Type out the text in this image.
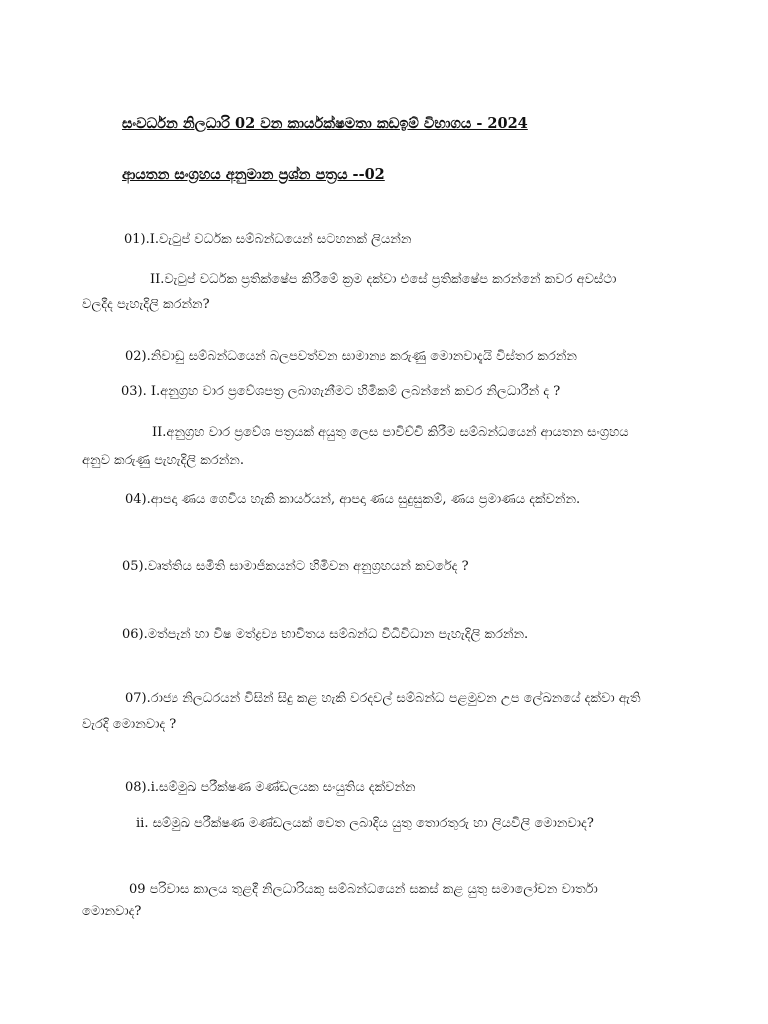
සංවර්ධන නිලධාරි 02 වන කාර්යක්ෂමතා කඩඉම් විභාගය - 2024

ආයතන සංග්‍රහය අනුමාන ප්‍රශ්න පත්‍රය --02

01).I.වැටුප් වර්ධක සම්බන්ධයෙන් සටහනක් ලියන්න

II.වැටුප් වර්ධක ප්‍රතික්ෂේප කිරීමේ ක්‍රම දක්වා එසේ ප්‍රතික්ෂේප කරන්නේ කවර අවස්ථා

වලදීද පැහැදිලි කරන්න?

02).නිවාඩු සම්බන්ධයෙන් බලපවත්වන සාමාන්‍ය කරුණු මොනවාදැයි විස්තර කරන්න

03). I.අනුග්‍රහ වාර ප්‍රවේශපත්‍ර ලබාගැනීමට හිමිකම් ලබන්නේ කවර නිලධාරීන් ද ?

II.අනුග්‍රහ වාර ප්‍රවේශ පත්‍රයක් අයුතු ලෙස පාවිච්චි කිරීම සම්බන්ධයෙන් ආයතන සංග්‍රහය

අනුව කරුණු පැහැදිලි කරන්න.

04).ආපදා ණය ගෙවිය හැකි කාර්යයන්, ආපදා ණය සුදුසුකම්, ණය ප්‍රමාණය දක්වන්න.

05).වෘත්තිය සමිති සාමාජිකයන්ට හිමිවන අනුග්‍රහයන් කවරේද ?

06).මත්පැන් හා විෂ මත්ද්‍රව්‍ය භාවිතය සම්බන්ධ විධිවිධාන පැහැදිලි කරන්න.

07).රාජ්‍ය නිලධරයන් විසින් සිදු කළ හැකි වරදවල් සම්බන්ධ පළමුවන උප ලේඛනයේ දක්වා ඇති

වැරදි මොනවාද ?

08).i.සම්මුඛ පරීක්ෂණ මණ්ඩලයක සංයුතිය දක්වන්න

ii. සම්මුඛ පරීක්ෂණ මණ්ඩලයක් වෙත ලබාදිය යුතු තොරතුරු හා ලියවිලි මොනවාද?

09 පරිවාස කාලය තුළදී නිලධාරියකු සම්බන්ධයෙන් සකස් කළ යුතු සමාලෝචන වාර්තා

මොනවාද?
